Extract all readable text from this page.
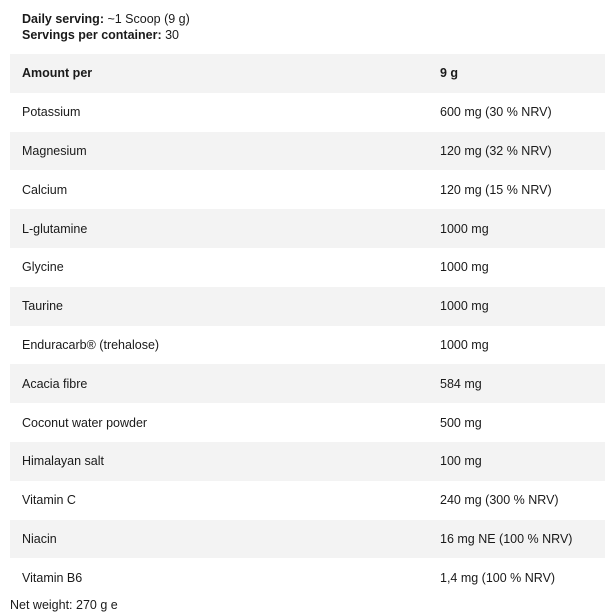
Daily serving: ~1 Scoop (9 g)
Servings per container: 30
Amount per	9 g
Potassium	600 mg (30 % NRV)
Magnesium	120 mg (32 % NRV)
Calcium	120 mg (15 % NRV)
L-glutamine	1000 mg
Glycine	1000 mg
Taurine	1000 mg
Enduracarb® (trehalose)	1000 mg
Acacia fibre	584 mg
Coconut water powder	500 mg
Himalayan salt	100 mg
Vitamin C	240 mg (300 % NRV)
Niacin	16 mg NE (100 % NRV)
Vitamin B6	1,4 mg (100 % NRV)
Net weight: 270 g e
